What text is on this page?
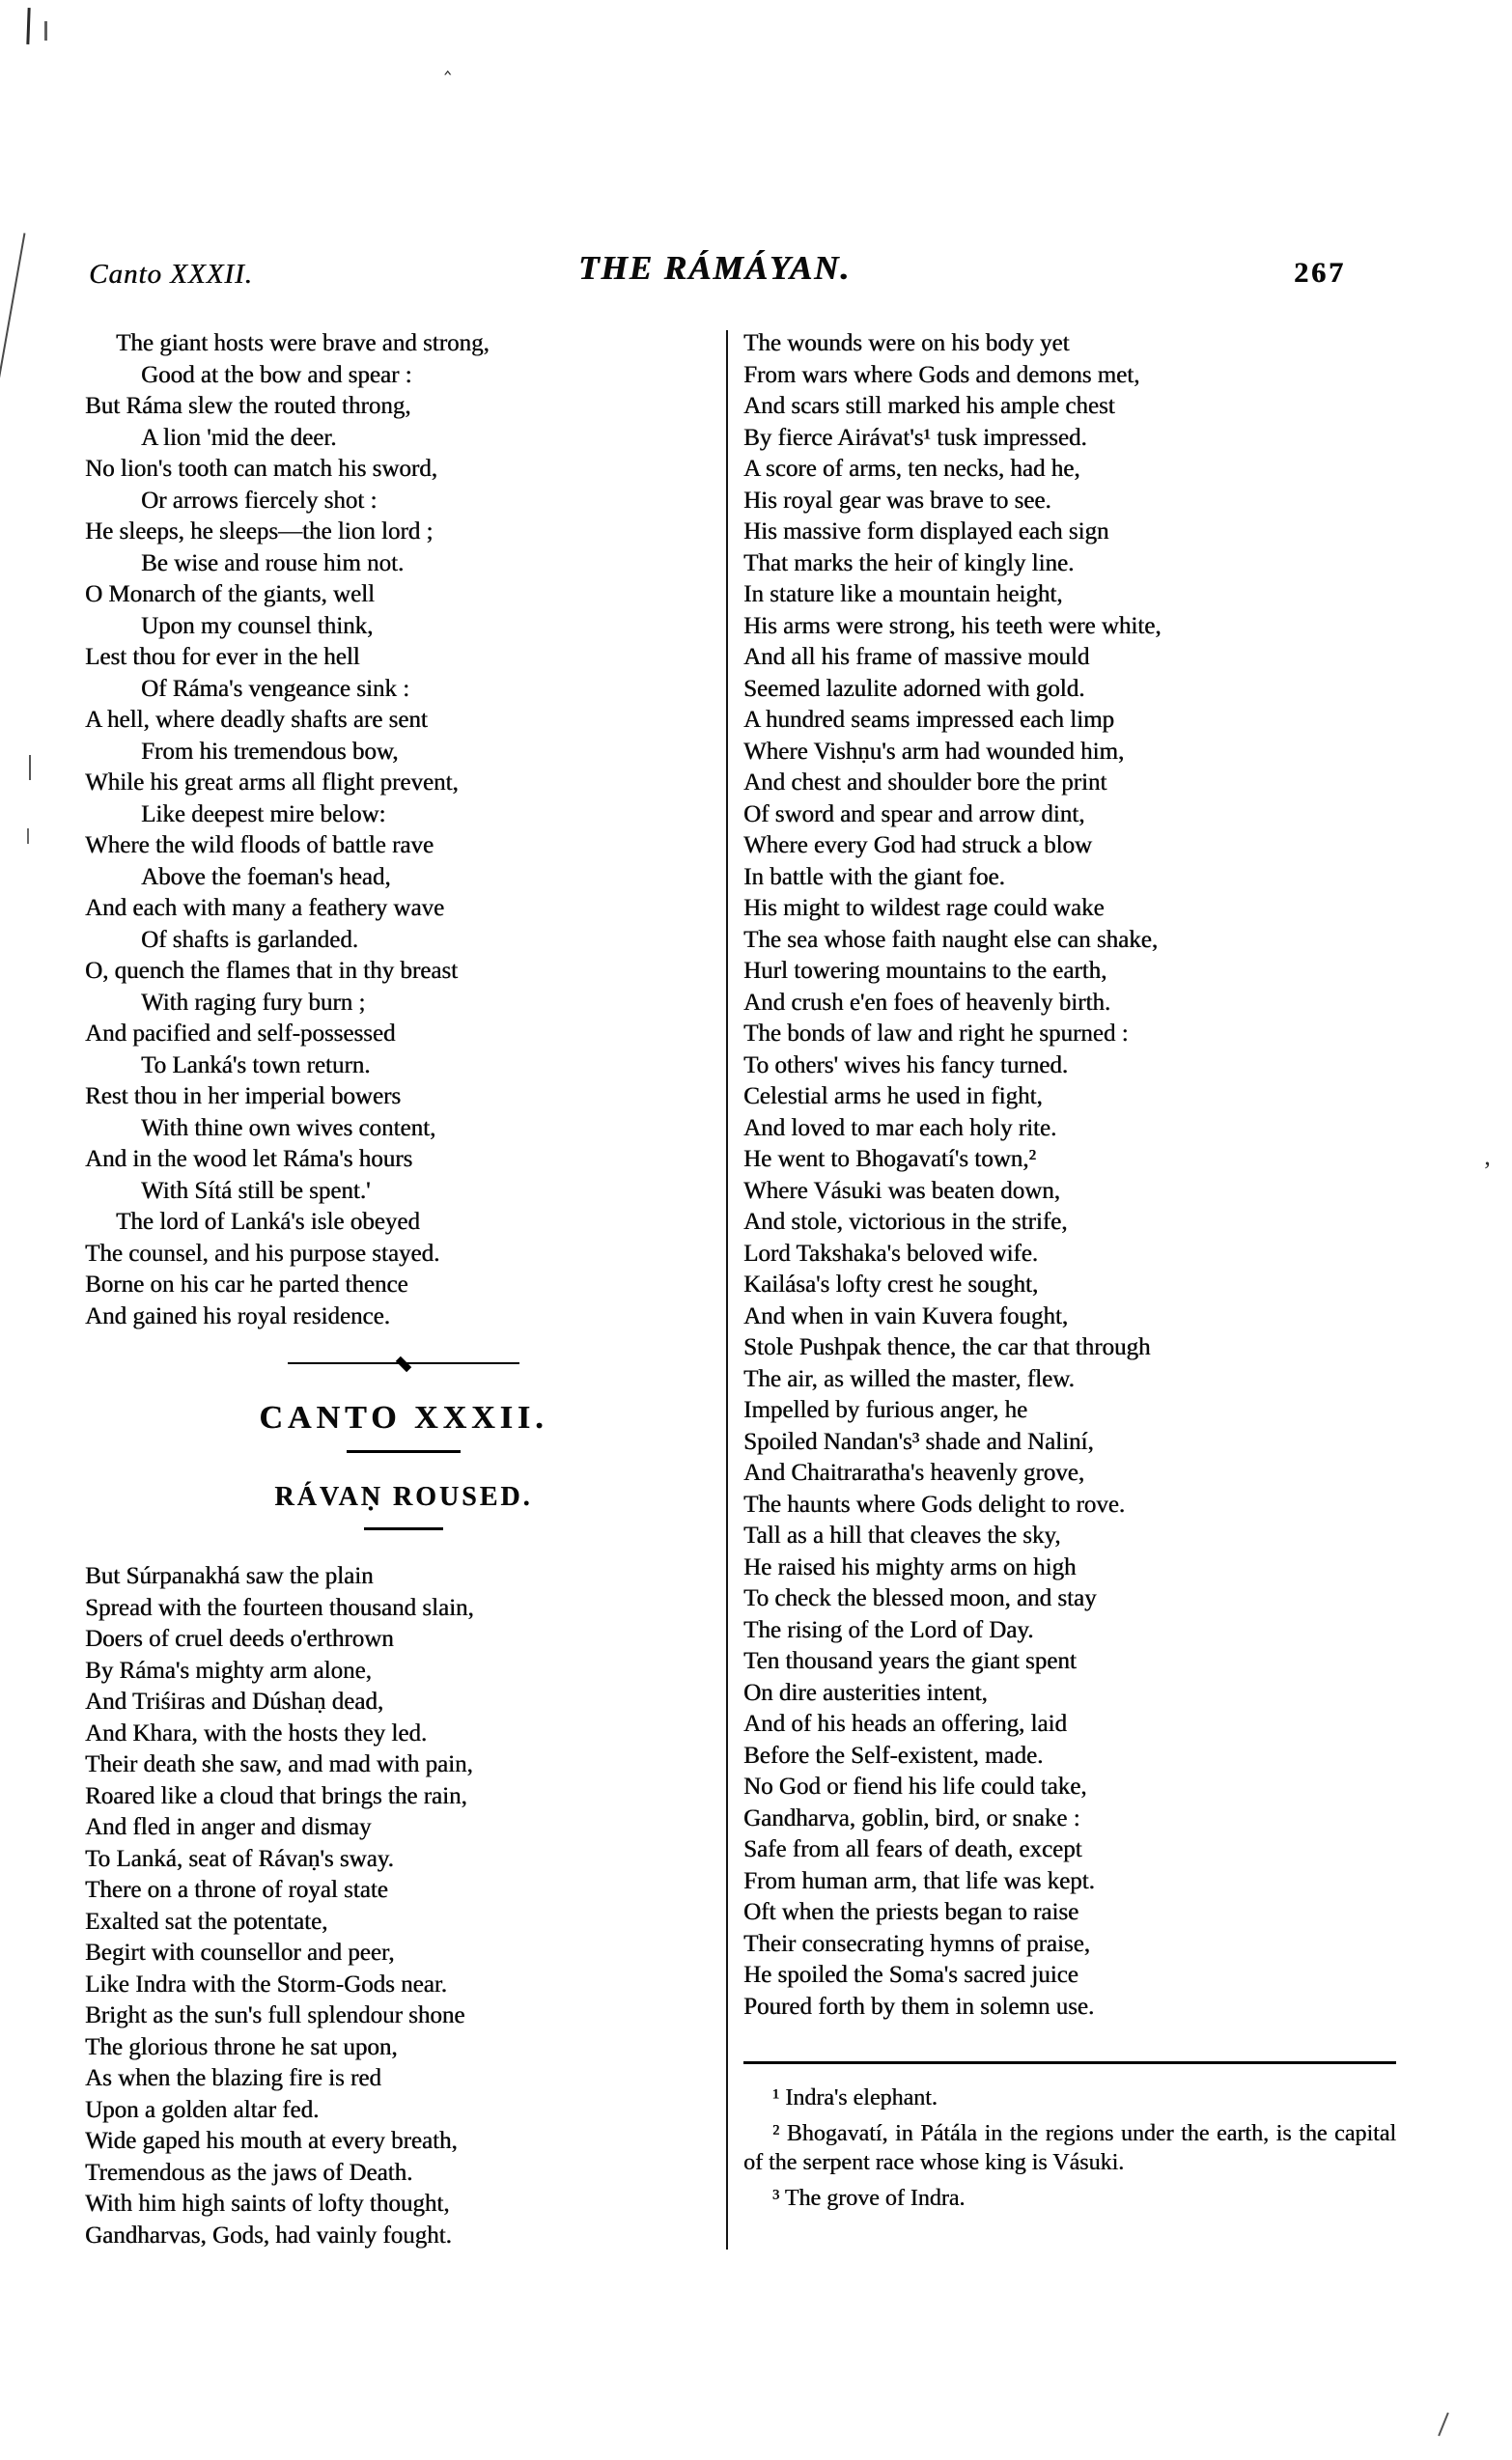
Canto XXXII.	THE RÁMÁYAN.	267
The giant hosts were brave and strong,
Good at the bow and spear :
But Ráma slew the routed throng,
A lion 'mid the deer.
No lion's tooth can match his sword,
Or arrows fiercely shot :
He sleeps, he sleeps—the lion lord ;
Be wise and rouse him not.
O Monarch of the giants, well
Upon my counsel think,
Lest thou for ever in the hell
Of Ráma's vengeance sink :
A hell, where deadly shafts are sent
From his tremendous bow,
While his great arms all flight prevent,
Like deepest mire below:
Where the wild floods of battle rave
Above the foeman's head,
And each with many a feathery wave
Of shafts is garlanded.
O, quench the flames that in thy breast
With raging fury burn ;
And pacified and self-possessed
To Lanká's town return.
Rest thou in her imperial bowers
With thine own wives content,
And in the wood let Ráma's hours
With Sítá still be spent.'
The lord of Lanká's isle obeyed
The counsel, and his purpose stayed.
Borne on his car he parted thence
And gained his royal residence.
CANTO XXXII.
RÁVAṆ ROUSED.
But Súrpanakhá saw the plain
Spread with the fourteen thousand slain,
Doers of cruel deeds o'erthrown
By Ráma's mighty arm alone,
And Triśiras and Dúshaṇ dead,
And Khara, with the hosts they led.
Their death she saw, and mad with pain,
Roared like a cloud that brings the rain,
And fled in anger and dismay
To Lanká, seat of Rávaṇ's sway.
There on a throne of royal state
Exalted sat the potentate,
Begirt with counsellor and peer,
Like Indra with the Storm-Gods near.
Bright as the sun's full splendour shone
The glorious throne he sat upon,
As when the blazing fire is red
Upon a golden altar fed.
Wide gaped his mouth at every breath,
Tremendous as the jaws of Death.
With him high saints of lofty thought,
Gandharvas, Gods, had vainly fought.
The wounds were on his body yet
From wars where Gods and demons met,
And scars still marked his ample chest
By fierce Airávat's¹ tusk impressed.
A score of arms, ten necks, had he,
His royal gear was brave to see.
His massive form displayed each sign
That marks the heir of kingly line.
In stature like a mountain height,
His arms were strong, his teeth were white,
And all his frame of massive mould
Seemed lazulite adorned with gold.
A hundred seams impressed each limp
Where Vishṇu's arm had wounded him,
And chest and shoulder bore the print
Of sword and spear and arrow dint,
Where every God had struck a blow
In battle with the giant foe.
His might to wildest rage could wake
The sea whose faith naught else can shake,
Hurl towering mountains to the earth,
And crush e'en foes of heavenly birth.
The bonds of law and right he spurned :
To others' wives his fancy turned.
Celestial arms he used in fight,
And loved to mar each holy rite.
He went to Bhogavatí's town,²
Where Vásuki was beaten down,
And stole, victorious in the strife,
Lord Takshaka's beloved wife.
Kailása's lofty crest he sought,
And when in vain Kuvera fought,
Stole Pushpak thence, the car that through
The air, as willed the master, flew.
Impelled by furious anger, he
Spoiled Nandan's³ shade and Naliní,
And Chaitraratha's heavenly grove,
The haunts where Gods delight to rove.
Tall as a hill that cleaves the sky,
He raised his mighty arms on high
To check the blessed moon, and stay
The rising of the Lord of Day.
Ten thousand years the giant spent
On dire austerities intent,
And of his heads an offering, laid
Before the Self-existent, made.
No God or fiend his life could take,
Gandharva, goblin, bird, or snake :
Safe from all fears of death, except
From human arm, that life was kept.
Oft when the priests began to raise
Their consecrating hymns of praise,
He spoiled the Soma's sacred juice
Poured forth by them in solemn use.
¹ Indra's elephant.
² Bhogavatí, in Pátála in the regions under the earth, is the capital of the serpent race whose king is Vásuki.
³ The grove of Indra.
‸
’
